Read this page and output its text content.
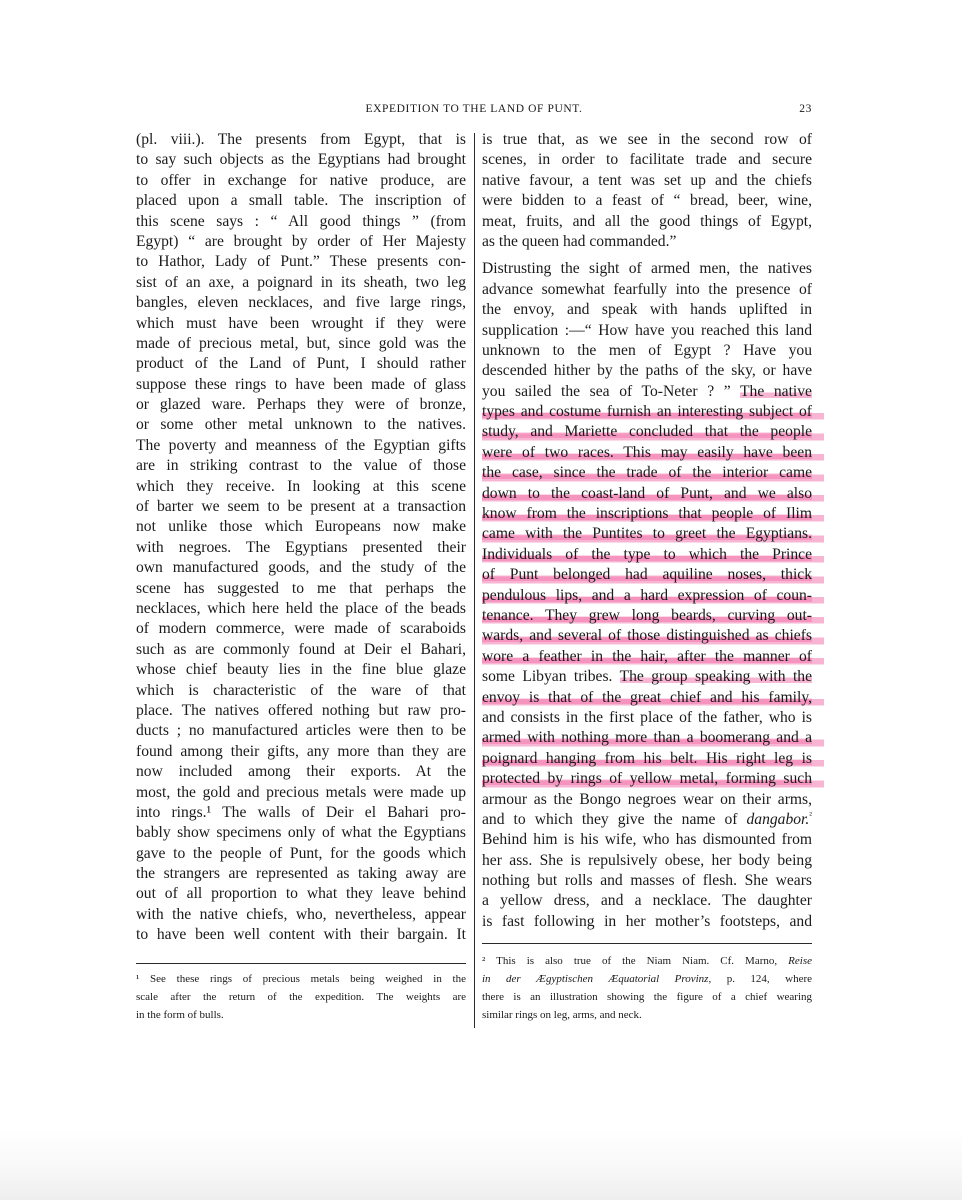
EXPEDITION TO THE LAND OF PUNT.	23
(pl. viii.). The presents from Egypt, that is
to say such objects as the Egyptians had brought
to offer in exchange for native produce, are
placed upon a small table. The inscription of
this scene says : “ All good things ” (from
Egypt) “ are brought by order of Her Majesty
to Hathor, Lady of Punt.” These presents con-
sist of an axe, a poignard in its sheath, two leg
bangles, eleven necklaces, and five large rings,
which must have been wrought if they were
made of precious metal, but, since gold was the
product of the Land of Punt, I should rather
suppose these rings to have been made of glass
or glazed ware. Perhaps they were of bronze,
or some other metal unknown to the natives.
The poverty and meanness of the Egyptian gifts
are in striking contrast to the value of those
which they receive. In looking at this scene
of barter we seem to be present at a transaction
not unlike those which Europeans now make
with negroes. The Egyptians presented their
own manufactured goods, and the study of the
scene has suggested to me that perhaps the
necklaces, which here held the place of the beads
of modern commerce, were made of scaraboids
such as are commonly found at Deir el Bahari,
whose chief beauty lies in the fine blue glaze
which is characteristic of the ware of that
place. The natives offered nothing but raw pro-
ducts ; no manufactured articles were then to be
found among their gifts, any more than they are
now included among their exports. At the
most, the gold and precious metals were made up
into rings.¹ The walls of Deir el Bahari pro-
bably show specimens only of what the Egyptians
gave to the people of Punt, for the goods which
the strangers are represented as taking away are
out of all proportion to what they leave behind
with the native chiefs, who, nevertheless, appear
to have been well content with their bargain. It
is true that, as we see in the second row of
scenes, in order to facilitate trade and secure
native favour, a tent was set up and the chiefs
were bidden to a feast of “ bread, beer, wine,
meat, fruits, and all the good things of Egypt,
as the queen had commanded.”
Distrusting the sight of armed men, the natives
advance somewhat fearfully into the presence of
the envoy, and speak with hands uplifted in
supplication :—“ How have you reached this land
unknown to the men of Egypt ? Have you
descended hither by the paths of the sky, or have
you sailed the sea of To-Neter ? ” The native
types and costume furnish an interesting subject of
study, and Mariette concluded that the people
were of two races. This may easily have been
the case, since the trade of the interior came
down to the coast-land of Punt, and we also
know from the inscriptions that people of Ilim
came with the Puntites to greet the Egyptians.
Individuals of the type to which the Prince
of Punt belonged had aquiline noses, thick
pendulous lips, and a hard expression of coun-
tenance. They grew long beards, curving out-
wards, and several of those distinguished as chiefs
wore a feather in the hair, after the manner of
some Libyan tribes. The group speaking with the
envoy is that of the great chief and his family,
and consists in the first place of the father, who is
armed with nothing more than a boomerang and a
poignard hanging from his belt. His right leg is
protected by rings of yellow metal, forming such
armour as the Bongo negroes wear on their arms,
and to which they give the name of dangabor.$^{^2}$
Behind him is his wife, who has dismounted from
her ass. She is repulsively obese, her body being
nothing but rolls and masses of flesh. She wears
a yellow dress, and a necklace. The daughter
is fast following in her mother’s footsteps, and
¹ See these rings of precious metals being weighed in the
scale after the return of the expedition. The weights are
in the form of bulls.
² This is also true of the Niam Niam. Cf. Marno, Reise
in der Ægyptischen Æquatorial Provinz, p. 124, where
there is an illustration showing the figure of a chief wearing
similar rings on leg, arms, and neck.
